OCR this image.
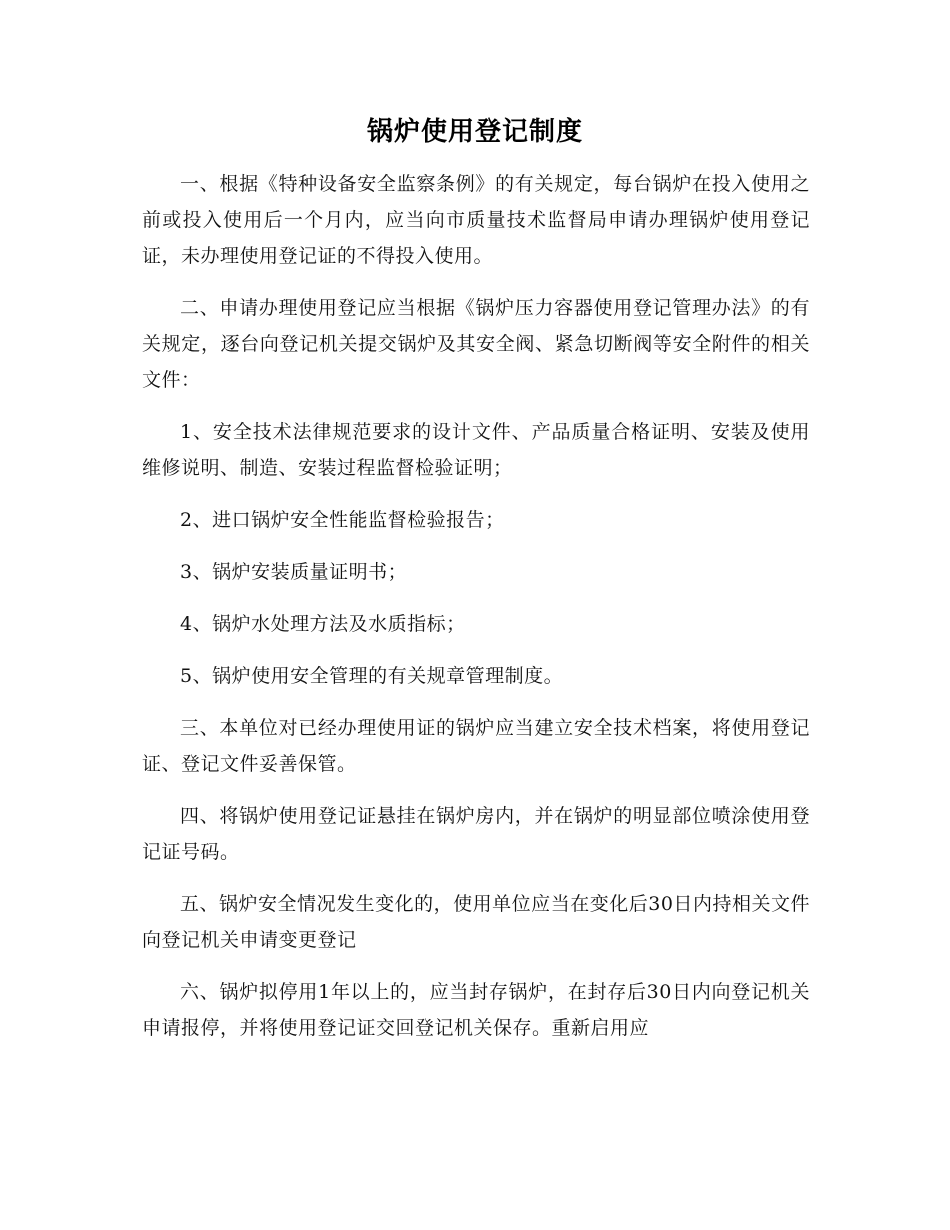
锅炉使用登记制度

一、根据《特种设备安全监察条例》的有关规定，每台锅炉在投入使用之前或投入使用后一个月内，应当向市质量技术监督局申请办理锅炉使用登记证，未办理使用登记证的不得投入使用。

二、申请办理使用登记应当根据《锅炉压力容器使用登记管理办法》的有关规定，逐台向登记机关提交锅炉及其安全阀、紧急切断阀等安全附件的相关文件：

1、安全技术法律规范要求的设计文件、产品质量合格证明、安装及使用维修说明、制造、安装过程监督检验证明；

2、进口锅炉安全性能监督检验报告；

3、锅炉安装质量证明书；

4、锅炉水处理方法及水质指标；

5、锅炉使用安全管理的有关规章管理制度。

三、本单位对已经办理使用证的锅炉应当建立安全技术档案，将使用登记证、登记文件妥善保管。

四、将锅炉使用登记证悬挂在锅炉房内，并在锅炉的明显部位喷涂使用登记证号码。

五、锅炉安全情况发生变化的，使用单位应当在变化后30日内持相关文件向登记机关申请变更登记

六、锅炉拟停用1年以上的，应当封存锅炉，在封存后30日内向登记机关申请报停，并将使用登记证交回登记机关保存。重新启用应
